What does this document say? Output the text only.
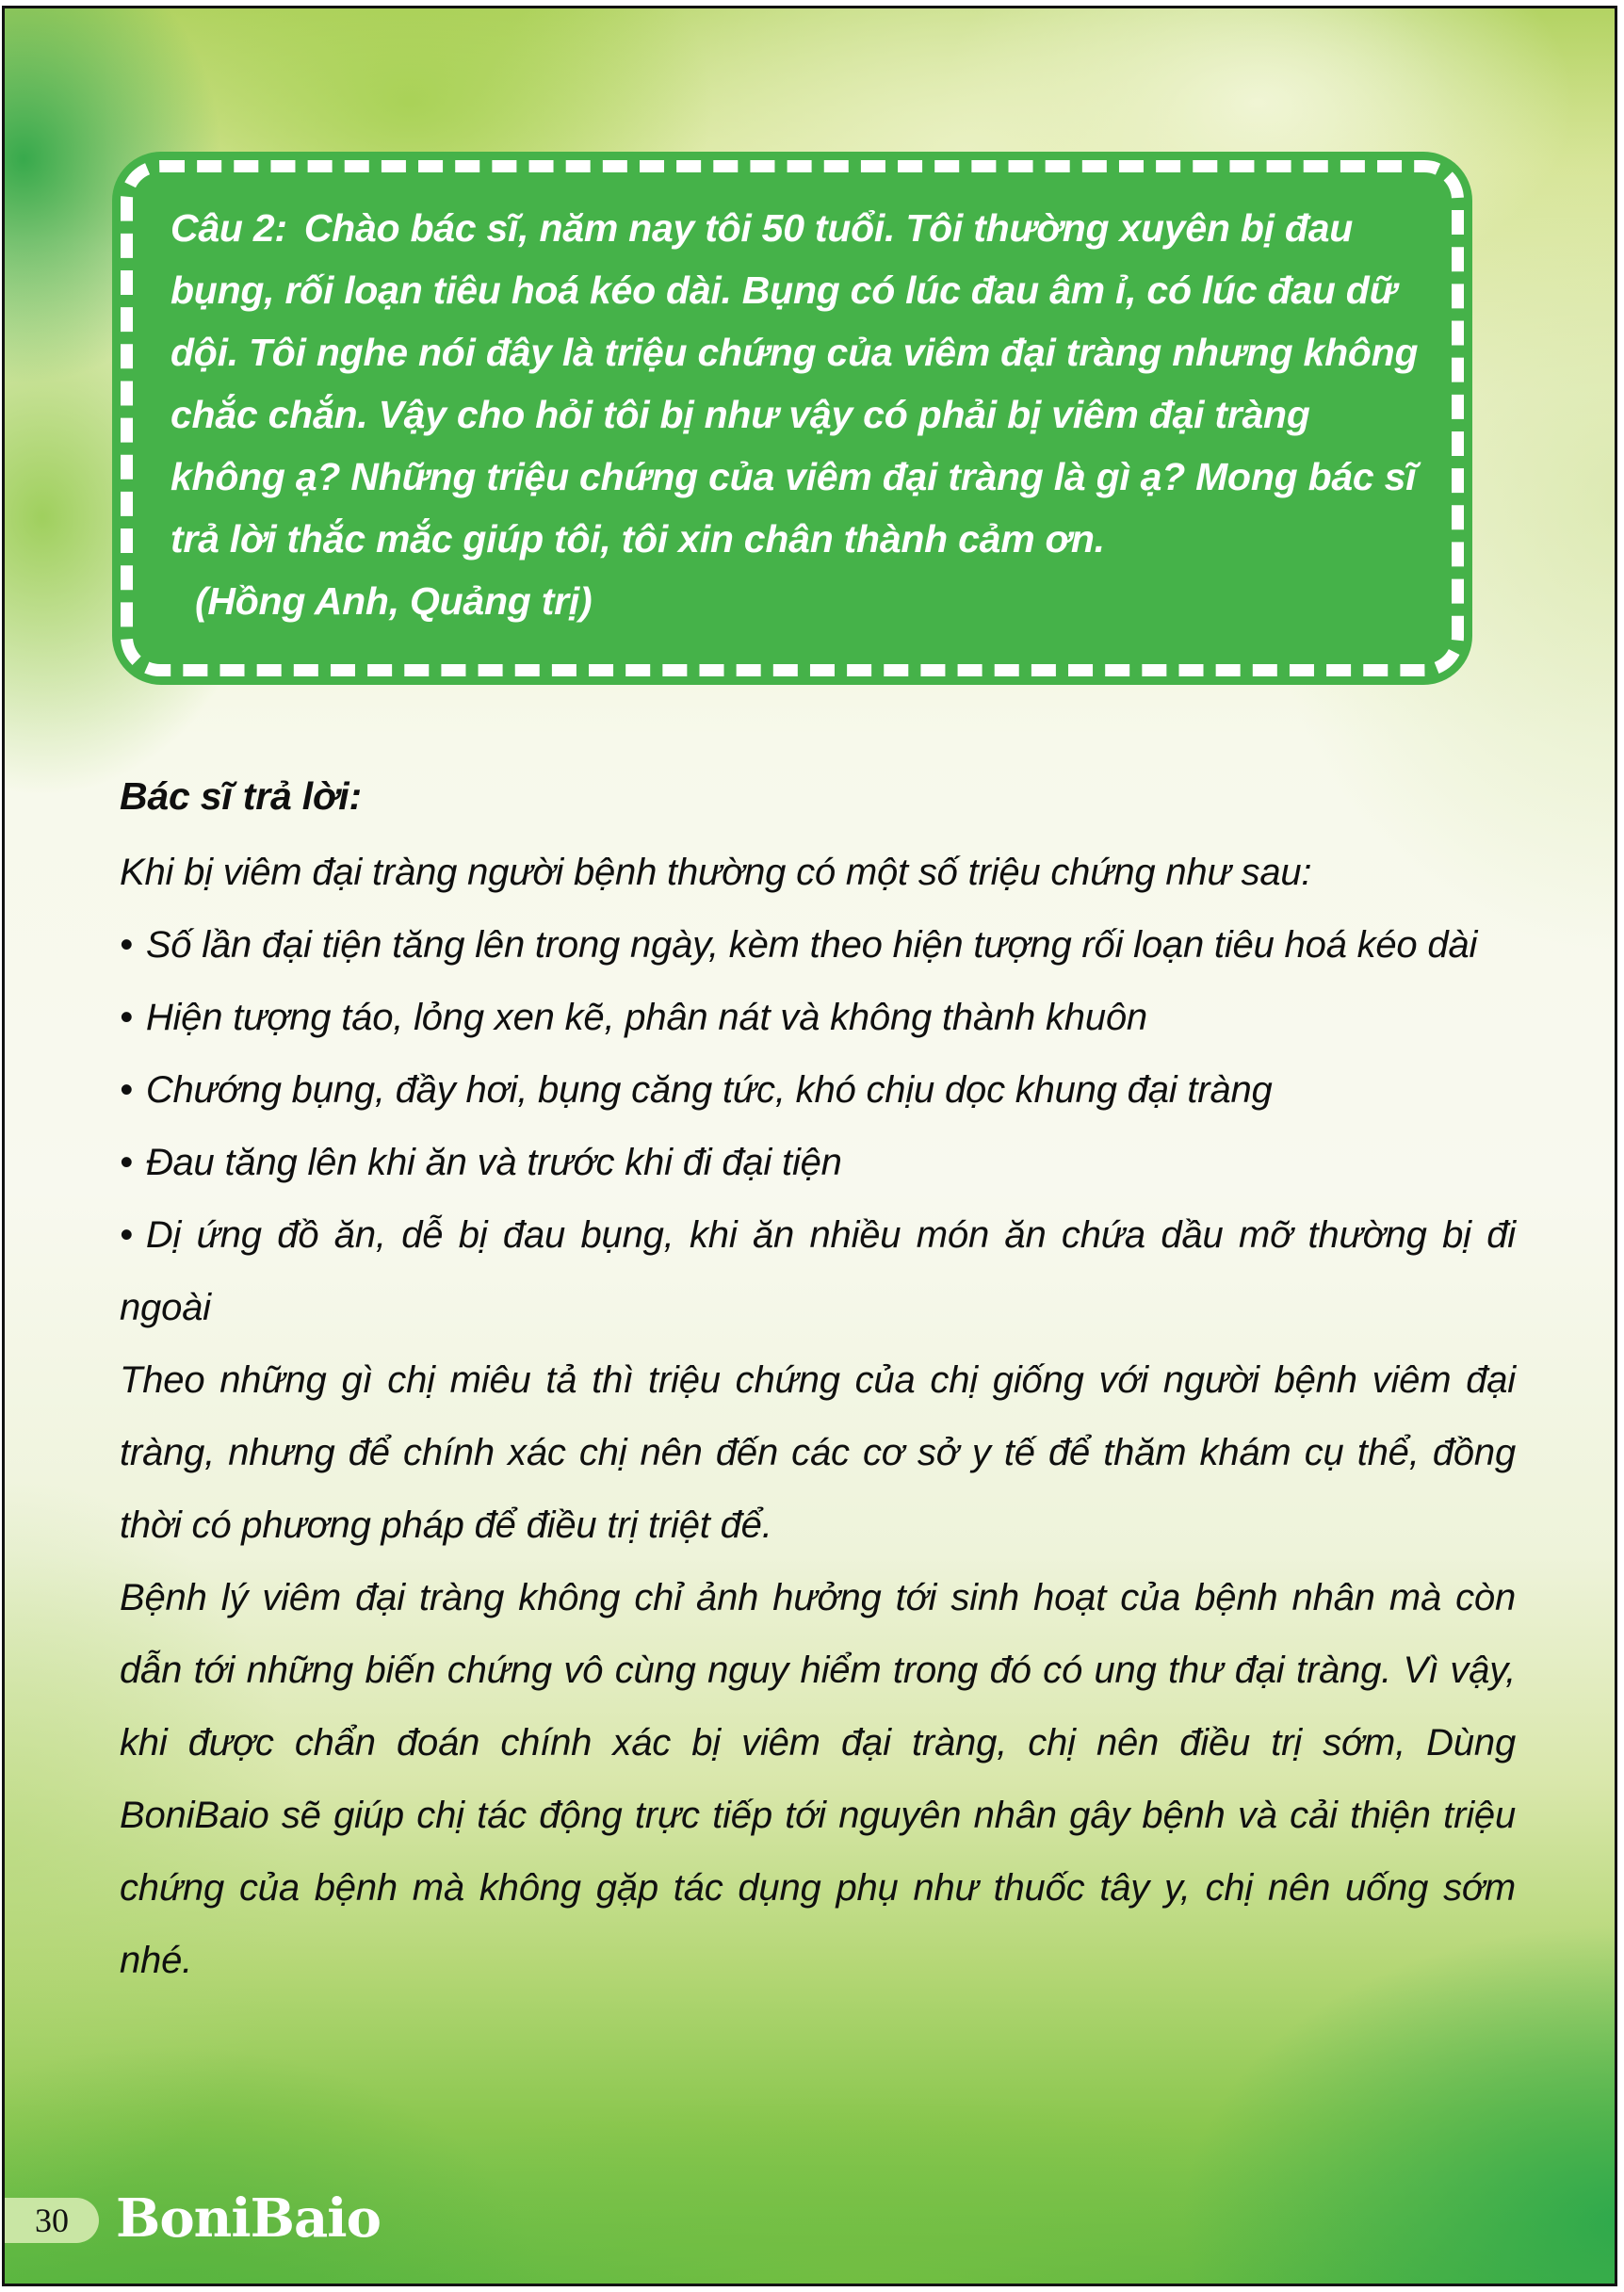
Câu 2: Chào bác sĩ, năm nay tôi 50 tuổi. Tôi thường xuyên bị đau bụng, rối loạn tiêu hoá kéo dài. Bụng có lúc đau âm ỉ, có lúc đau dữ dội. Tôi nghe nói đây là triệu chứng của viêm đại tràng nhưng không chắc chắn. Vậy cho hỏi tôi bị như vậy có phải bị viêm đại tràng không ạ? Những triệu chứng của viêm đại tràng là gì ạ? Mong bác sĩ trả lời thắc mắc giúp tôi, tôi xin chân thành cảm ơn.

(Hồng Anh, Quảng trị)

Bác sĩ trả lời:

Khi bị viêm đại tràng người bệnh thường có một số triệu chứng như sau:

• Số lần đại tiện tăng lên trong ngày, kèm theo hiện tượng rối loạn tiêu hoá kéo dài

• Hiện tượng táo, lỏng xen kẽ, phân nát và không thành khuôn

• Chướng bụng, đầy hơi, bụng căng tức, khó chịu dọc khung đại tràng

• Đau tăng lên khi ăn và trước khi đi đại tiện

• Dị ứng đồ ăn, dễ bị đau bụng, khi ăn nhiều món ăn chứa dầu mỡ thường bị đi ngoài

Theo những gì chị miêu tả thì triệu chứng của chị giống với người bệnh viêm đại tràng, nhưng để chính xác chị nên đến các cơ sở y tế để thăm khám cụ thể, đồng thời có phương pháp để điều trị triệt để.

Bệnh lý viêm đại tràng không chỉ ảnh hưởng tới sinh hoạt của bệnh nhân mà còn dẫn tới những biến chứng vô cùng nguy hiểm trong đó có ung thư đại tràng. Vì vậy, khi được chẩn đoán chính xác bị viêm đại tràng, chị nên điều trị sớm, Dùng BoniBaio sẽ giúp chị tác động trực tiếp tới nguyên nhân gây bệnh và cải thiện triệu chứng của bệnh mà không gặp tác dụng phụ như thuốc tây y, chị nên uống sớm nhé.

30 BoniBaio
